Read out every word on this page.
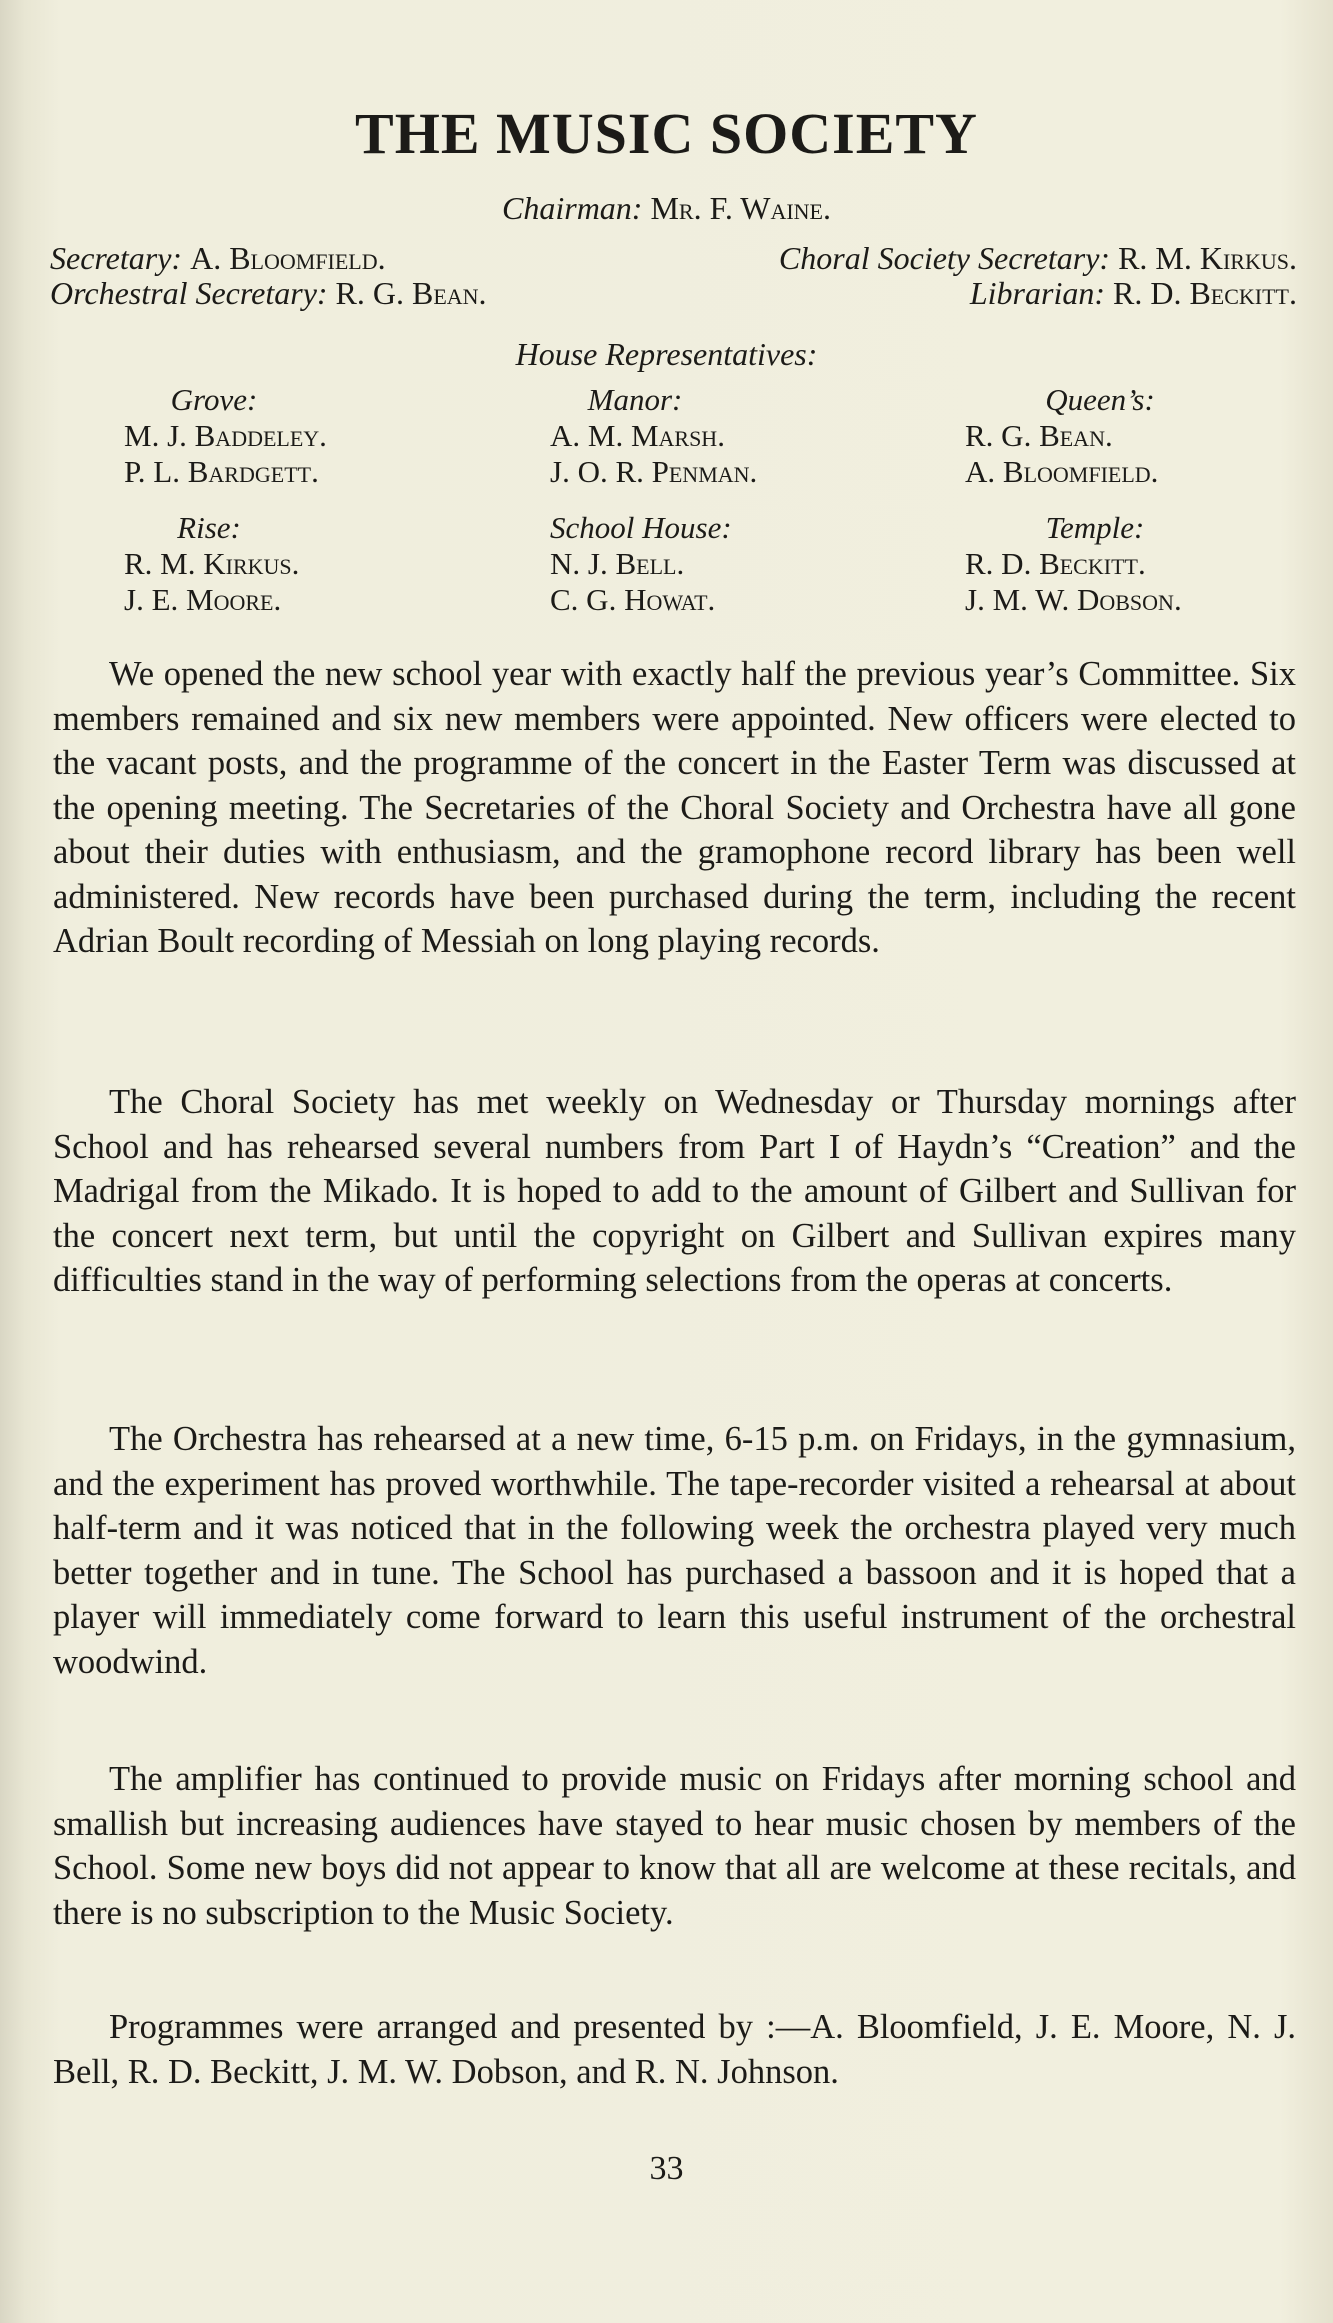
THE MUSIC SOCIETY
Chairman: Mr. F. Waine.
Secretary: A. Bloomfield.	Choral Society Secretary: R. M. Kirkus.
Orchestral Secretary: R. G. Bean.	Librarian: R. D. Beckitt.
House Representatives:
Grove:
M. J. Baddeley.
P. L. Bardgett.
Manor:
A. M. Marsh.
J. O. R. Penman.
Queen’s:
R. G. Bean.
A. Bloomfield.
Rise:
R. M. Kirkus.
J. E. Moore.
School House:
N. J. Bell.
C. G. Howat.
Temple:
R. D. Beckitt.
J. M. W. Dobson.

We opened the new school year with exactly half the previous year’s Committee. Six members remained and six new members were appointed. New officers were elected to the vacant posts, and the programme of the concert in the Easter Term was discussed at the opening meeting. The Secretaries of the Choral Society and Orchestra have all gone about their duties with enthusiasm, and the gramophone record library has been well administered. New records have been purchased during the term, including the recent Adrian Boult recording of Messiah on long playing records.

The Choral Society has met weekly on Wednesday or Thursday mornings after School and has rehearsed several numbers from Part I of Haydn’s “Creation” and the Madrigal from the Mikado. It is hoped to add to the amount of Gilbert and Sullivan for the concert next term, but until the copyright on Gilbert and Sullivan expires many difficulties stand in the way of performing selections from the operas at concerts.

The Orchestra has rehearsed at a new time, 6-15 p.m. on Fridays, in the gymnasium, and the experiment has proved worthwhile. The tape-recorder visited a rehearsal at about half-term and it was noticed that in the following week the orchestra played very much better together and in tune. The School has purchased a bassoon and it is hoped that a player will immediately come forward to learn this useful instrument of the orchestral woodwind.

The amplifier has continued to provide music on Fridays after morning school and smallish but increasing audiences have stayed to hear music chosen by members of the School. Some new boys did not appear to know that all are welcome at these recitals, and there is no subscription to the Music Society.

Programmes were arranged and presented by :—A. Bloomfield, J. E. Moore, N. J. Bell, R. D. Beckitt, J. M. W. Dobson, and R. N. Johnson.

33
